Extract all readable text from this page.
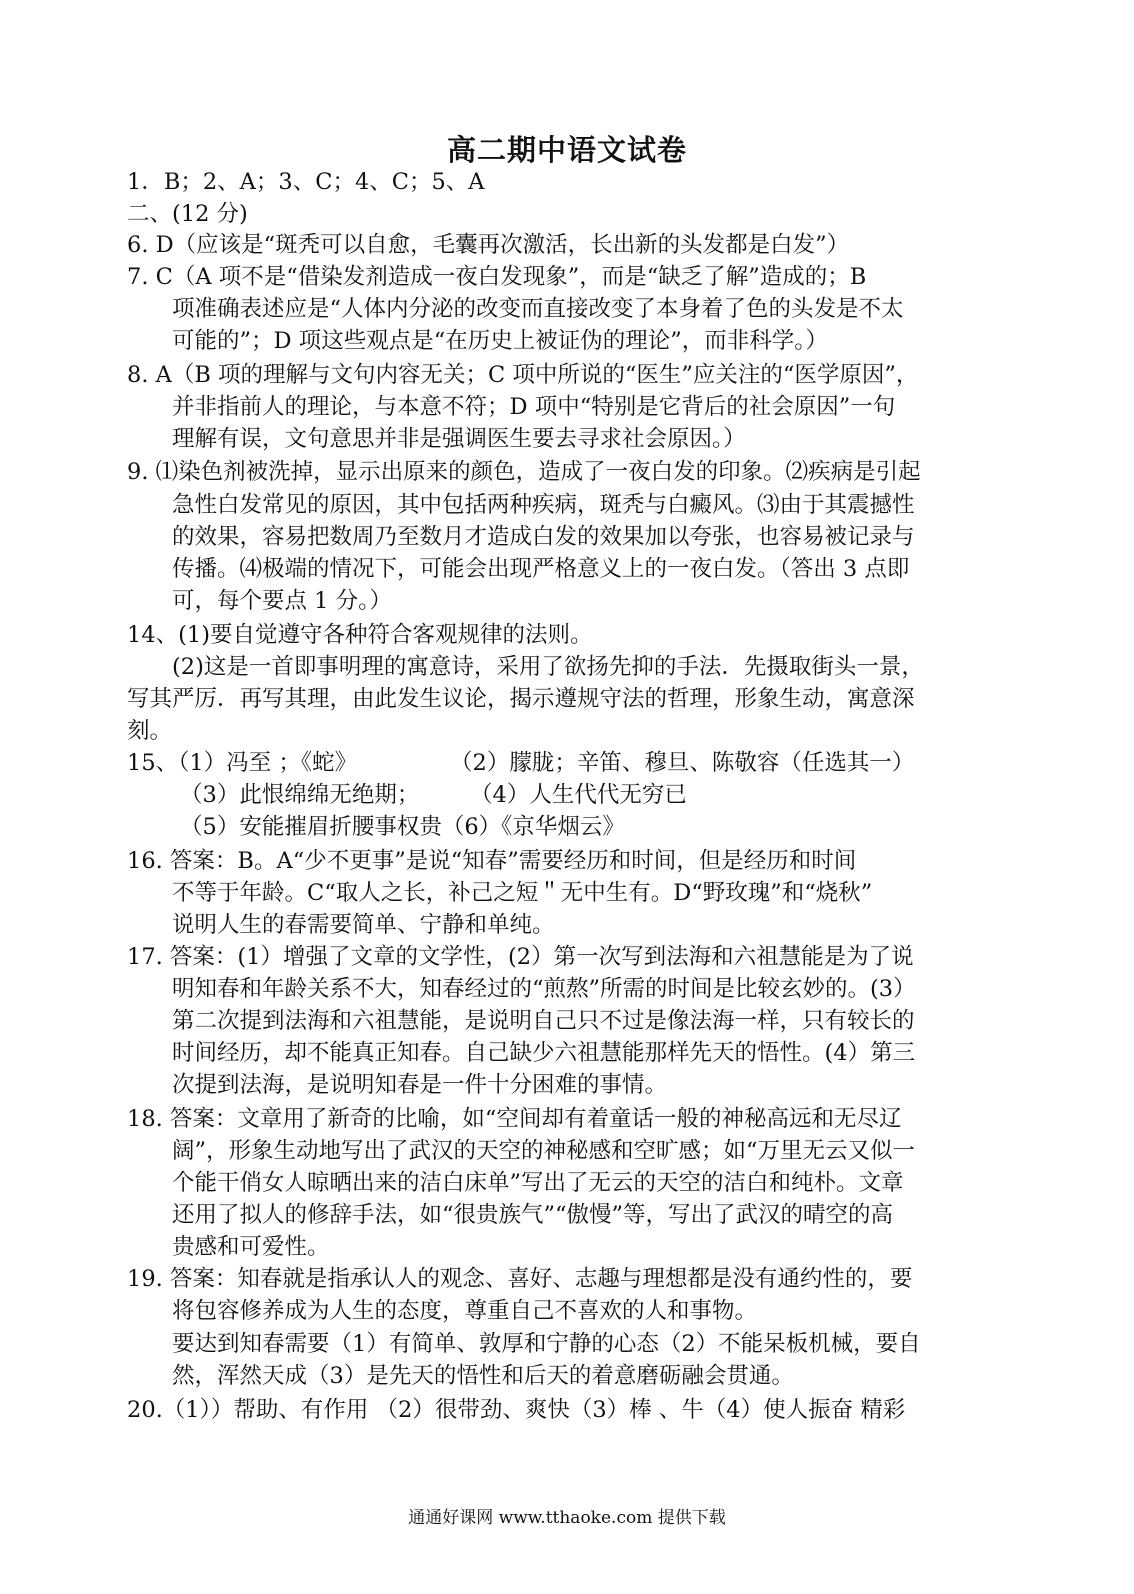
高二期中语文试卷
1．B；2、A；3、C；4、C；5、A
二、(12 分)
6. D（应该是“斑秃可以自愈，毛囊再次激活，长出新的头发都是白发”）
7. C（A 项不是“借染发剂造成一夜白发现象”，而是“缺乏了解”造成的；B
项准确表述应是“人体内分泌的改变而直接改变了本身着了色的头发是不太
可能的”；D 项这些观点是“在历史上被证伪的理论”，而非科学。）
8. A（B 项的理解与文句内容无关；C 项中所说的“医生”应关注的“医学原因”，
并非指前人的理论，与本意不符；D 项中“特别是它背后的社会原因”一句
理解有误，文句意思并非是强调医生要去寻求社会原因。）
9. ⑴染色剂被洗掉，显示出原来的颜色，造成了一夜白发的印象。⑵疾病是引起
急性白发常见的原因，其中包括两种疾病，斑秃与白癜风。⑶由于其震撼性
的效果，容易把数周乃至数月才造成白发的效果加以夸张，也容易被记录与
传播。⑷极端的情况下，可能会出现严格意义上的一夜白发。（答出 3 点即
可，每个要点 1 分。）
14、(1)要自觉遵守各种符合客观规律的法则。
(2)这是一首即事明理的寓意诗，采用了欲扬先抑的手法．先摄取街头一景，
写其严厉．再写其理，由此发生议论，揭示遵规守法的哲理，形象生动，寓意深
刻。
15、（1）冯至 ；《蛇》	（2）朦胧；辛笛、穆旦、陈敬容（任选其一）
（3）此恨绵绵无绝期； （4）人生代代无穷已
（5）安能摧眉折腰事权贵（6）《京华烟云》
16. 答案：B。A“少不更事”是说“知春”需要经历和时间，但是经历和时间
不等于年龄。C“取人之长，补己之短＂无中生有。D“野玫瑰”和“烧秋”
说明人生的春需要简单、宁静和单纯。
17. 答案：(1）增强了文章的文学性，(2）第一次写到法海和六祖慧能是为了说
明知春和年龄关系不大，知春经过的“煎熬”所需的时间是比较玄妙的。(3）
第二次提到法海和六祖慧能，是说明自己只不过是像法海一样，只有较长的
时间经历，却不能真正知春。自己缺少六祖慧能那样先天的悟性。(4）第三
次提到法海，是说明知春是一件十分困难的事情。
18. 答案：文章用了新奇的比喻，如“空间却有着童话一般的神秘高远和无尽辽
阔”，形象生动地写出了武汉的天空的神秘感和空旷感；如“万里无云又似一
个能干俏女人晾晒出来的洁白床单”写出了无云的天空的洁白和纯朴。文章
还用了拟人的修辞手法，如“很贵族气”“傲慢”等，写出了武汉的晴空的高
贵感和可爱性。
19. 答案：知春就是指承认人的观念、喜好、志趣与理想都是没有通约性的，要
将包容修养成为人生的态度，尊重自己不喜欢的人和事物。
要达到知春需要（1）有简单、敦厚和宁静的心态（2）不能呆板机械，要自
然，浑然天成（3）是先天的悟性和后天的着意磨砺融会贯通。
20.（1））帮助、有作用 （2）很带劲、爽快（3）棒 、牛（4）使人振奋 精彩
通通好课网 www.tthaoke.com 提供下载
